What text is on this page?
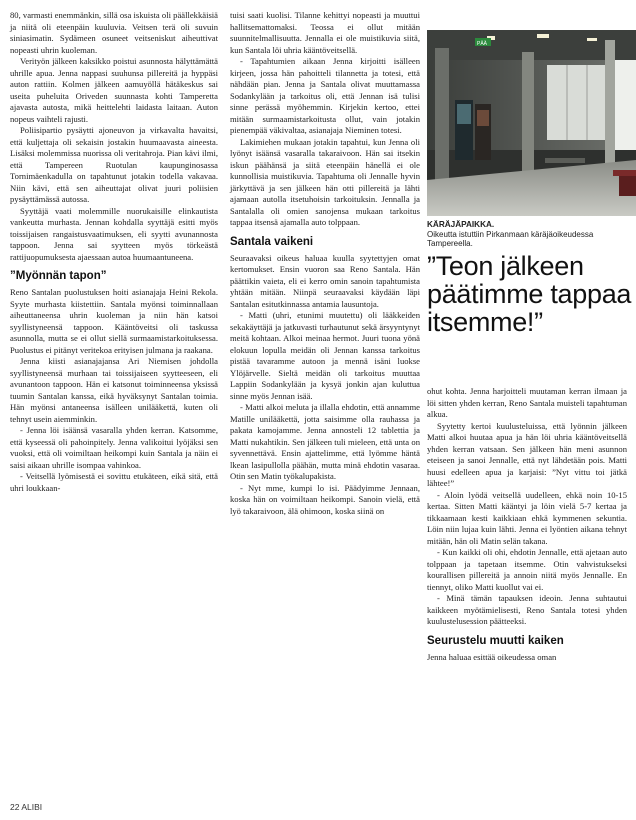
80, varmasti enemmänkin, sillä osa iskuista oli päällekkäisiä ja niitä oli eteenpäin kuuluvia. Veitsen terä oli suvuin siniasimatin. Sydämeen osuneet veitseniskut aiheuttivat nopeasti uhrin kuoleman.

Verityön jälkeen kaksikko poistui asunnosta hälyttämättä uhrille apua. Jenna nappasi suuhunsa pillereitä ja hyppäsi auton rattiin. Kolmen jälkeen aamuyöllä hätäkeskus sai useita puheluita Oriveden suunnasta kohti Tamperetta ajavasta autosta, mikä heittelehti laidasta laitaan. Auton nopeus vaihteli rajusti.

Poliisipartio pysäytti ajoneuvon ja virkavalta havaitsi, että kuljettaja oli sekaisin jostakin huumaavasta aineesta. Lisäksi molemmissa nuorissa oli veritahroja. Pian kävi ilmi, että Tampereen Ruotulan kaupunginosassa Tornimäenkadulla on tapahtunut jotakin todella vakavaa. Niin kävi, että sen aiheuttajat olivat juuri poliisien pysäyttämässä autossa.

Syyttäjä vaati molemmille nuorukaisille elinkautista vankeutta murhasta. Jennan kohdalla syyttäjä esitti myös toissijaisen rangaistusvaatimuksen, eli syytti avunannosta tappoon. Jenna sai syytteen myös törkeästä rattijuopumuksesta ajaessaan autoa huumaantuneena.

”Myönnän tapon”

Reno Santalan puolustuksen hoiti asianajaja Heini Rekola. Syyte murhasta kiistettiin. Santala myönsi toiminnallaan aiheuttaneensa uhrin kuoleman ja niin hän katsoi syyllistyneensä tappoon. Kääntöveitsi oli taskussa asunnolla, mutta se ei ollut siellä surmaamistarkoituksessa. Puolustus ei pitänyt veritekoa erityisen julmana ja raakana.

Jenna kiisti asianajajansa Ari Niemisen johdolla syyllistyneensä murhaan tai toissijaiseen syytteeseen, eli avunantoon tappoon. Hän ei katsonut toiminneensa yksissä tuumin Santalan kanssa, eikä hyväksynyt Santalan toimia. Hän myönsi antaneensa isälleen unilääkettä, kuten oli tehnyt usein aiemminkin.

- Jenna löi isäänsä vasaralla yhden kerran. Katsomme, että kyseessä oli pahoinpitely. Jenna valikoitui lyöjäksi sen vuoksi, että oli voimiltaan heikompi kuin Santala ja näin ei saisi aikaan uhrille isompaa vahinkoa.

- Veitsellä lyömisestä ei sovittu etukäteen, eikä sitä, että uhri loukkaan-

tuisi saati kuolisi. Tilanne kehittyi nopeasti ja muuttui hallitsemattomaksi. Teossa ei ollut mitään suunnitelmallisuutta. Jennalla ei ole muistikuvia siitä, kun Santala löi uhria kääntöveitsellä.

- Tapahtumien aikaan Jenna kirjoitti isälleen kirjeen, jossa hän pahoitteli tilannetta ja totesi, että nähdään pian. Jenna ja Santala olivat muuttamassa Sodankylään ja tarkoitus oli, että Jennan isä tulisi sinne perässä myöhemmin. Kirjekin kertoo, ettei mitään surmaamistarkoitusta ollut, vain jotakin pienempää väkivaltaa, asianajaja Nieminen totesi.

Lakimiehen mukaan jotakin tapahtui, kun Jenna oli lyönyt isäänsä vasaralla takaraivoon. Hän sai itsekin iskun päähänsä ja siitä eteenpäin hänellä ei ole kunnollisia muistikuvia. Tapahtuma oli Jennalle hyvin järkyttävä ja sen jälkeen hän otti pillereitä ja lähti ajamaan autolla itsetuhoisin tarkoituksin. Jennalla ja Santalalla oli omien sanojensa mukaan tarkoitus tappaa itsensä ajamalla auto tolppaan.

Santala vaikeni

Seuraavaksi oikeus haluaa kuulla syytettyjen omat kertomukset. Ensin vuoron saa Reno Santala. Hän päättikin vaieta, eli ei kerro omin sanoin tapahtumista yhtään mitään. Niinpä seuraavaksi käydään läpi Santalan esitutkinnassa antamia lausuntoja.

- Matti (uhri, etunimi muutettu) oli lääkkeiden sekakäyttäjä ja jatkuvasti turhautunut sekä ärsyyntynyt meitä kohtaan. Alkoi meinaa hermot. Juuri tuona yönä elokuun lopulla meidän oli Jennan kanssa tarkoitus pistää tavaramme autoon ja mennä isäni luokse Ylöjärvelle. Sieltä meidän oli tarkoitus muuttaa Lappiin Sodankylään ja kysyä jonkin ajan kuluttua sinne myös Jennan isää.

- Matti alkoi meluta ja illalla ehdotin, että annamme Matille unilääkettä, jotta saisimme olla rauhassa ja pakata kamojamme. Jenna annosteli 12 tablettia ja Matti nukahtikin. Sen jälkeen tuli mieleen, että unta on syvennettävä. Ensin ajattelimme, että lyömme häntä lkean lasipullolla päähän, mutta minä ehdotin vasaraa. Otin sen Matin työkalupakista.

- Nyt mme, kumpi lo isi. Päädyimme Jennaan, koska hän on voimiltaan heikompi. Sanoin vielä, että lyö takaraivoon, älä ohimoon, koska siinä on

PÄÄ
KÄRÄJÄPAIKKA.
Oikeutta istuttiin Pirkanmaan käräjäoikeudessa Tampereella.
”Teon jälkeen päätimme tappaa itsemme!”

ohut kohta. Jenna harjoitteli muutaman kerran ilmaan ja löi sitten yhden kerran, Reno Santala muisteli tapahtuman alkua.

Syytetty kertoi kuulusteluissa, että lyönnin jälkeen Matti alkoi huutaa apua ja hän löi uhria kääntöveitsellä yhden kerran vatsaan. Sen jälkeen hän meni asunnon eteiseen ja sanoi Jennalle, että nyt lähdetään pois. Matti huusi edelleen apua ja karjaisi: ”Nyt vittu toi jätkä lähtee!”

- Aloin lyödä veitsellä uudelleen, ehkä noin 10-15 kertaa. Sitten Matti kääntyi ja löin vielä 5-7 kertaa ja tikkaamaan kesti kaikkiaan ehkä kymmenen sekuntia. Löin niin lujaa kuin lähti. Jenna ei lyöntien aikana tehnyt mitään, hän oli Matin selän takana.

- Kun kaikki oli ohi, ehdotin Jennalle, että ajetaan auto tolppaan ja tapetaan itsemme. Otin vahvistukseksi kourallisen pillereitä ja annoin niitä myös Jennalle. En tiennyt, oliko Matti kuollut vai ei.

- Minä tämän tapauksen ideoin. Jenna suhtautui kaikkeen myötämielisesti, Reno Santala totesi yhden kuulustelusession päätteeksi.

Seurustelu muutti kaiken

Jenna haluaa esittää oikeudessa oman

22 ALIBI
